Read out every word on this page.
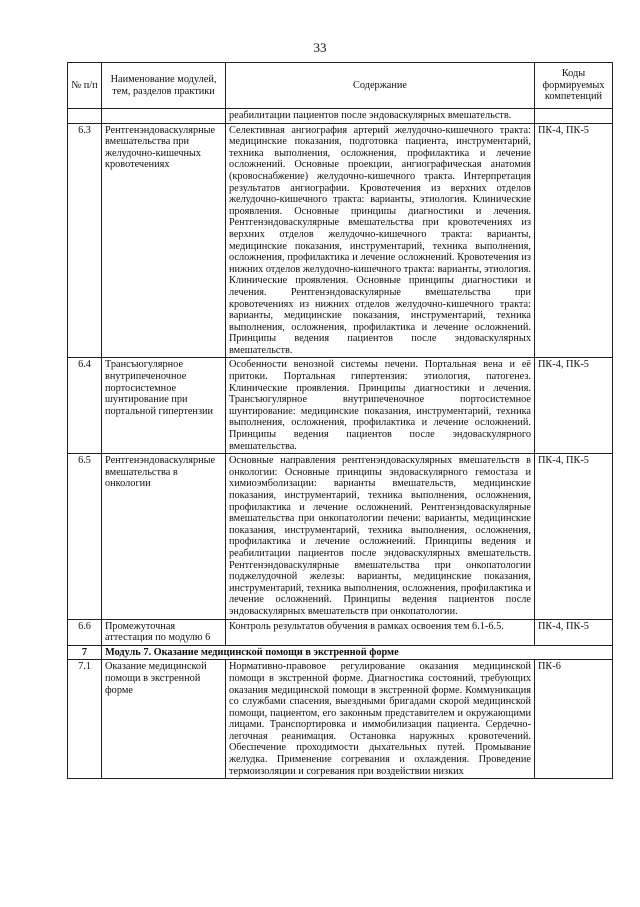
33
№ п/п	Наименование модулей, тем, разделов практики	Содержание	Коды формируемых компетенций
		реабилитации пациентов после эндоваскулярных вмешательств.	
6.3	Рентгенэндоваскулярные вмешательства при желудочно-кишечных кровотечениях	Селективная ангиография артерий желудочно-кишечного тракта: медицинские показания, подготовка пациента, инструментарий, техника выполнения, осложнения, профилактика и лечение осложнений. Основные проекции, ангиографическая анатомия (кровоснабжение) желудочно-кишечного тракта. Интерпретация результатов ангиографии. Кровотечения из верхних отделов желудочно-кишечного тракта: варианты, этиология. Клинические проявления. Основные принципы диагностики и лечения. Рентгенэндоваскулярные вмешательства при кровотечениях из верхних отделов желудочно-кишечного тракта: варианты, медицинские показания, инструментарий, техника выполнения, осложнения, профилактика и лечение осложнений. Кровотечения из нижних отделов желудочно-кишечного тракта: варианты, этиология. Клинические проявления. Основные принципы диагностики и лечения. Рентгенэндоваскулярные вмешательства при кровотечениях из нижних отделов желудочно-кишечного тракта: варианты, медицинские показания, инструментарий, техника выполнения, осложнения, профилактика и лечение осложнений. Принципы ведения пациентов после эндоваскулярных вмешательств.	ПК-4, ПК-5
6.4	Трансъюгулярное внутрипеченочное портосистемное шунтирование при портальной гипертензии	Особенности венозной системы печени. Портальная вена и её притоки. Портальная гипертензия: этиология, патогенез. Клинические проявления. Принципы диагностики и лечения. Трансъюгулярное внутрипеченочное портосистемное шунтирование: медицинские показания, инструментарий, техника выполнения, осложнения, профилактика и лечение осложнений. Принципы ведения пациентов после эндоваскулярного вмешательства.	ПК-4, ПК-5
6.5	Рентгенэндоваскулярные вмешательства в онкологии	Основные направления рентгенэндоваскулярных вмешательств в онкологии: Основные принципы эндоваскулярного гемостаза и химиоэмболизации: варианты вмешательств, медицинские показания, инструментарий, техника выполнения, осложнения, профилактика и лечение осложнений. Рентгенэндоваскулярные вмешательства при онкопатологии печени: варианты, медицинские показания, инструментарий, техника выполнения, осложнения, профилактика и лечение осложнений. Принципы ведения и реабилитации пациентов после эндоваскулярных вмешательств. Рентгенэндоваскулярные вмешательства при онкопатологии поджелудочной железы: варианты, медицинские показания, инструментарий, техника выполнения, осложнения, профилактика и лечение осложнений. Принципы ведения пациентов после эндоваскулярных вмешательств при онкопатологии.	ПК-4, ПК-5
6.6	Промежуточная аттестация по модулю 6	Контроль результатов обучения в рамках освоения тем 6.1-6.5.	ПК-4, ПК-5
7	Модуль 7. Оказание медицинской помощи в экстренной форме		
7.1	Оказание медицинской помощи в экстренной форме	Нормативно-правовое регулирование оказания медицинской помощи в экстренной форме. Диагностика состояний, требующих оказания медицинской помощи в экстренной форме. Коммуникация со службами спасения, выездными бригадами скорой медицинской помощи, пациентом, его законным представителем и окружающими лицами. Транспортировка и иммобилизация пациента. Сердечно-легочная реанимация. Остановка наружных кровотечений. Обеспечение проходимости дыхательных путей. Промывание желудка. Применение согревания и охлаждения. Проведение термоизоляции и согревания при воздействии низких	ПК-6
